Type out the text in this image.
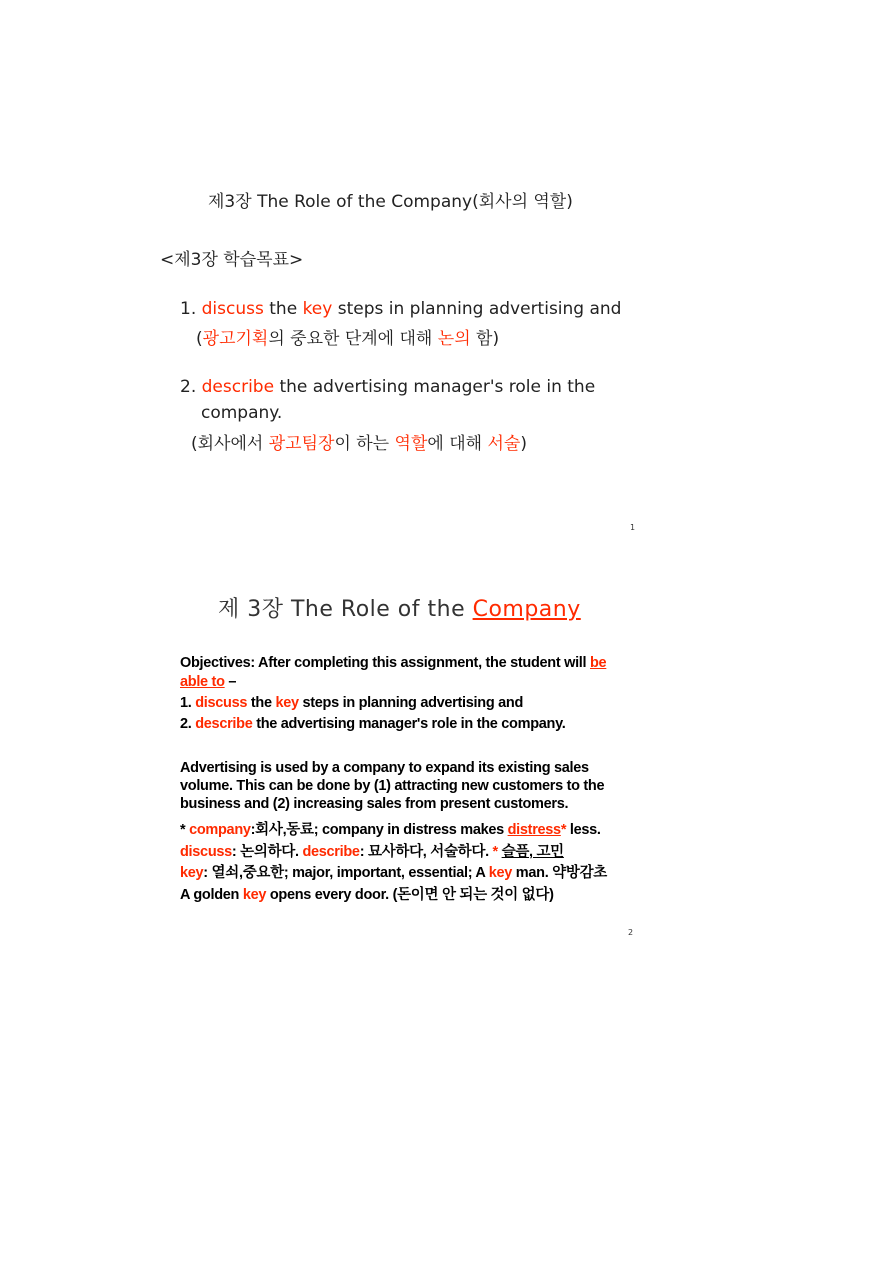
제3장 The Role of the Company(회사의 역할)
<제3장 학습목표>
1. discuss the key steps in planning advertising and
(광고기획의 중요한 단계에 대해 논의 함)
2. describe the advertising manager's role in the
company.
(회사에서 광고팀장이 하는 역할에 대해 서술)
1
제 3장 The Role of the Company
Objectives: After completing this assignment, the student will be
able to –
1. discuss the key steps in planning advertising and
2. describe the advertising manager's role in the company.
Advertising is used by a company to expand its existing sales
volume. This can be done by (1) attracting new customers to the
business and (2) increasing sales from present customers.
* company:회사,동료; company in distress makes distress* less.
discuss: 논의하다. describe: 묘사하다, 서술하다. * 슬픔, 고민
key: 열쇠,중요한; major, important, essential; A key man. 약방감초
A golden key opens every door. (돈이면 안 되는 것이 없다)
2
